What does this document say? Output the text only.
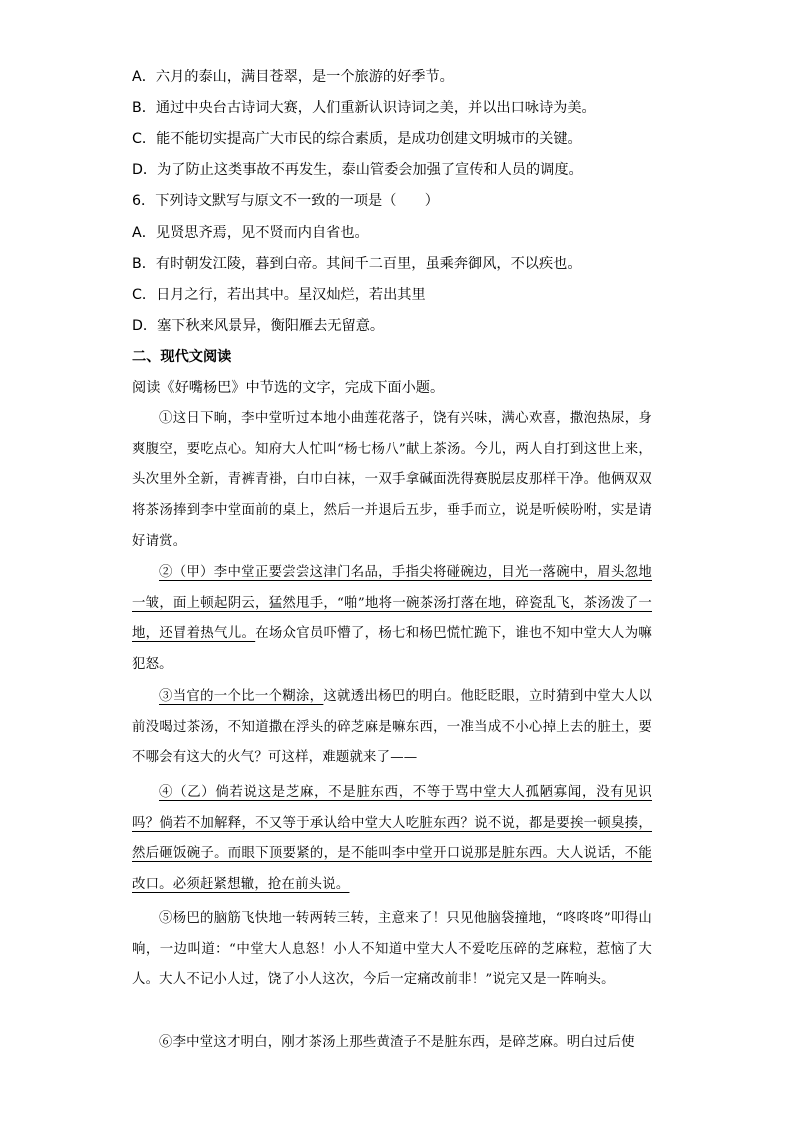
A．六月的泰山，满目苍翠，是一个旅游的好季节。
B．通过中央台古诗词大赛，人们重新认识诗词之美，并以出口咏诗为美。
C．能不能切实提高广大市民的综合素质，是成功创建文明城市的关键。
D．为了防止这类事故不再发生，泰山管委会加强了宣传和人员的调度。
6．下列诗文默写与原文不一致的一项是（　　）
A．见贤思齐焉，见不贤而内自省也。
B．有时朝发江陵，暮到白帝。其间千二百里，虽乘奔御风，不以疾也。
C．日月之行，若出其中。星汉灿烂，若出其里
D．塞下秋来风景异，衡阳雁去无留意。
二、现代文阅读
阅读《好嘴杨巴》中节选的文字，完成下面小题。
①这日下晌，李中堂听过本地小曲莲花落子，饶有兴味，满心欢喜，撒泡热尿，身爽腹空，要吃点心。知府大人忙叫“杨七杨八”献上茶汤。今儿，两人自打到这世上来，头次里外全新，青裤青褂，白巾白袜，一双手拿碱面洗得赛脱层皮那样干净。他俩双双将茶汤捧到李中堂面前的桌上，然后一并退后五步，垂手而立，说是听候吩咐，实是请好请赏。
②（甲）李中堂正要尝尝这津门名品，手指尖将碰碗边，目光一落碗中，眉头忽地一皱，面上顿起阴云，猛然甩手，“啪”地将一碗茶汤打落在地，碎瓷乱飞，茶汤泼了一地，还冒着热气儿。在场众官员吓懵了，杨七和杨巴慌忙跪下，谁也不知中堂大人为嘛犯怒。
③当官的一个比一个糊涂，这就透出杨巴的明白。他眨眨眼，立时猜到中堂大人以前没喝过茶汤，不知道撒在浮头的碎芝麻是嘛东西，一准当成不小心掉上去的脏土，要不哪会有这大的火气？可这样，难题就来了——
④（乙）倘若说这是芝麻，不是脏东西，不等于骂中堂大人孤陋寡闻，没有见识吗？倘若不加解释，不又等于承认给中堂大人吃脏东西？说不说，都是要挨一顿臭揍，然后砸饭碗子。而眼下顶要紧的，是不能叫李中堂开口说那是脏东西。大人说话，不能改口。必须赶紧想辙，抢在前头说。
⑤杨巴的脑筋飞快地一转两转三转，主意来了！只见他脑袋撞地，“咚咚咚”叩得山响，一边叫道：“中堂大人息怒！小人不知道中堂大人不爱吃压碎的芝麻粒，惹恼了大人。大人不记小人过，饶了小人这次，今后一定痛改前非！”说完又是一阵响头。
⑥李中堂这才明白，刚才茶汤上那些黄渣子不是脏东西，是碎芝麻。明白过后使
